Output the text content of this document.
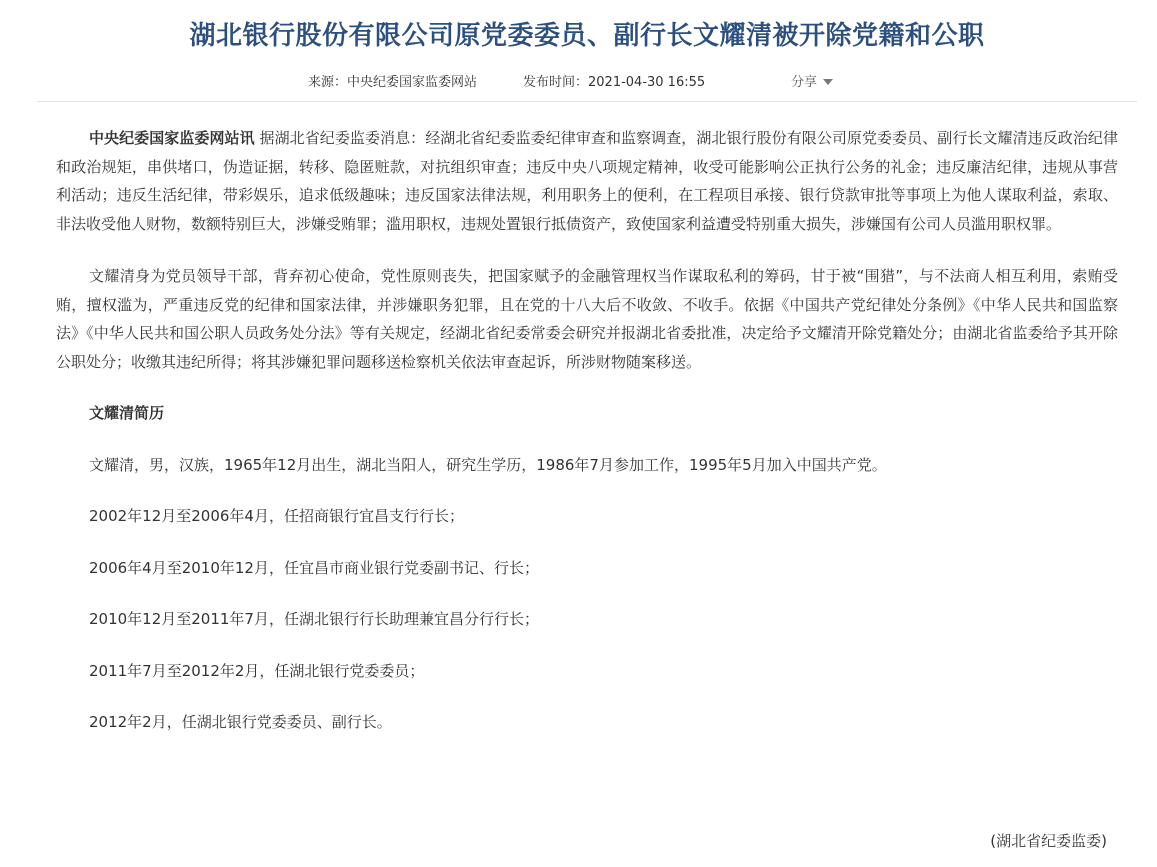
湖北银行股份有限公司原党委委员、副行长文耀清被开除党籍和公职
来源：中央纪委国家监委网站	发布时间：2021-04-30 16:55	分享

中央纪委国家监委网站讯 据湖北省纪委监委消息：经湖北省纪委监委纪律审查和监察调查，湖北银行股份有限公司原党委委员、副行长文耀清违反政治纪律和政治规矩，串供堵口，伪造证据，转移、隐匿赃款，对抗组织审查；违反中央八项规定精神，收受可能影响公正执行公务的礼金；违反廉洁纪律，违规从事营利活动；违反生活纪律，带彩娱乐，追求低级趣味；违反国家法律法规，利用职务上的便利，在工程项目承接、银行贷款审批等事项上为他人谋取利益，索取、非法收受他人财物，数额特别巨大，涉嫌受贿罪；滥用职权，违规处置银行抵债资产，致使国家利益遭受特别重大损失，涉嫌国有公司人员滥用职权罪。

文耀清身为党员领导干部，背弃初心使命，党性原则丧失，把国家赋予的金融管理权当作谋取私利的筹码，甘于被“围猎”，与不法商人相互利用，索贿受贿，擅权滥为，严重违反党的纪律和国家法律，并涉嫌职务犯罪，且在党的十八大后不收敛、不收手。依据《中国共产党纪律处分条例》《中华人民共和国监察法》《中华人民共和国公职人员政务处分法》等有关规定，经湖北省纪委常委会研究并报湖北省委批准，决定给予文耀清开除党籍处分；由湖北省监委给予其开除公职处分；收缴其违纪所得；将其涉嫌犯罪问题移送检察机关依法审查起诉，所涉财物随案移送。

文耀清简历

文耀清，男，汉族，1965年12月出生，湖北当阳人，研究生学历，1986年7月参加工作，1995年5月加入中国共产党。

2002年12月至2006年4月，任招商银行宜昌支行行长；

2006年4月至2010年12月，任宜昌市商业银行党委副书记、行长；

2010年12月至2011年7月，任湖北银行行长助理兼宜昌分行行长；

2011年7月至2012年2月，任湖北银行党委委员；

2012年2月，任湖北银行党委委员、副行长。

(湖北省纪委监委)
